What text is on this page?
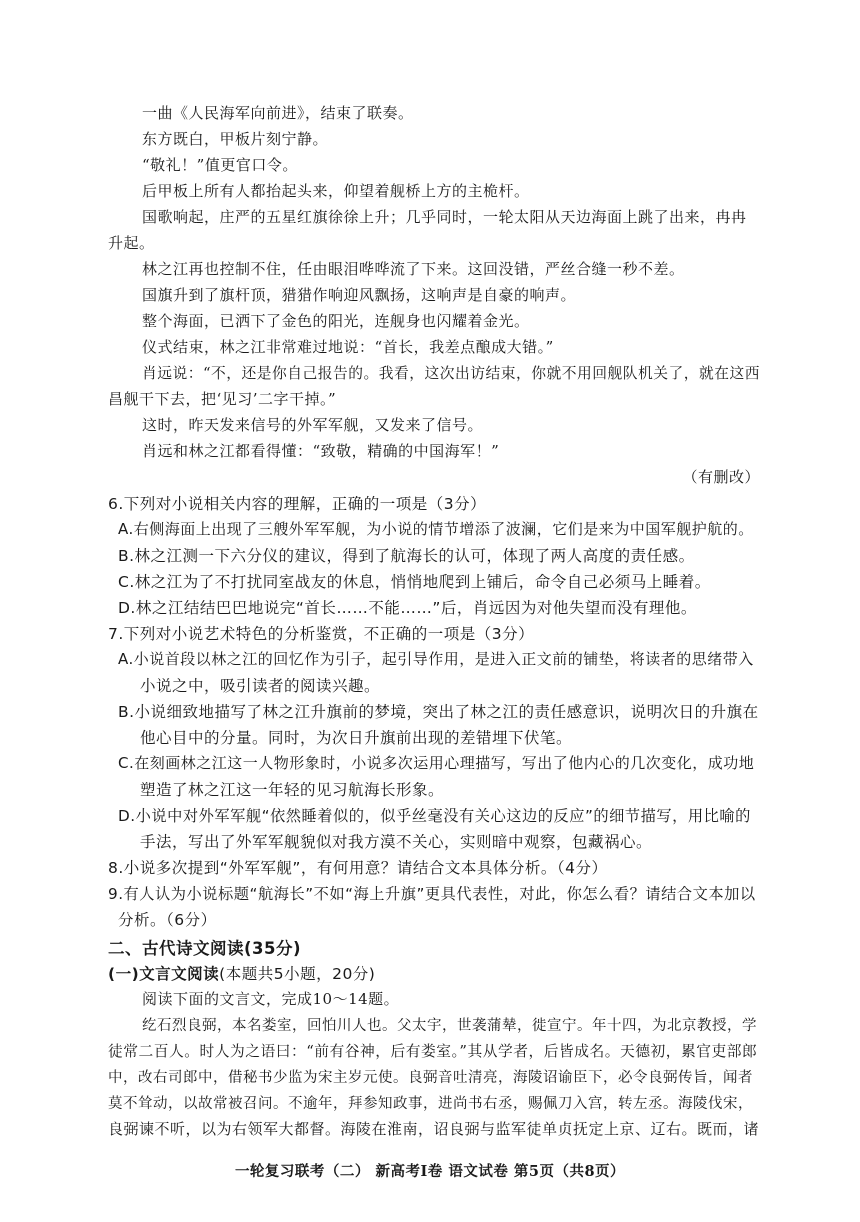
一曲《人民海军向前进》，结束了联奏。
东方既白，甲板片刻宁静。
“敬礼！”值更官口令。
后甲板上所有人都抬起头来，仰望着舰桥上方的主桅杆。
国歌响起，庄严的五星红旗徐徐上升；几乎同时，一轮太阳从天边海面上跳了出来，冉冉
升起。
林之江再也控制不住，任由眼泪哗哗流了下来。这回没错，严丝合缝一秒不差。
国旗升到了旗杆顶，猎猎作响迎风飘扬，这响声是自豪的响声。
整个海面，已洒下了金色的阳光，连舰身也闪耀着金光。
仪式结束，林之江非常难过地说：“首长，我差点酿成大错。”
肖远说：“不，还是你自己报告的。我看，这次出访结束，你就不用回舰队机关了，就在这西
昌舰干下去，把‘见习’二字干掉。”
这时，昨天发来信号的外军军舰，又发来了信号。
肖远和林之江都看得懂：“致敬，精确的中国海军！”
（有删改）
6.下列对小说相关内容的理解，正确的一项是（3分）
A.右侧海面上出现了三艘外军军舰，为小说的情节增添了波澜，它们是来为中国军舰护航的。
B.林之江测一下六分仪的建议，得到了航海长的认可，体现了两人高度的责任感。
C.林之江为了不打扰同室战友的休息，悄悄地爬到上铺后，命令自己必须马上睡着。
D.林之江结结巴巴地说完“首长……不能……”后，肖远因为对他失望而没有理他。
7.下列对小说艺术特色的分析鉴赏，不正确的一项是（3分）
A.小说首段以林之江的回忆作为引子，起引导作用，是进入正文前的铺垫，将读者的思绪带入
小说之中，吸引读者的阅读兴趣。
B.小说细致地描写了林之江升旗前的梦境，突出了林之江的责任感意识，说明次日的升旗在
他心目中的分量。同时，为次日升旗前出现的差错埋下伏笔。
C.在刻画林之江这一人物形象时，小说多次运用心理描写，写出了他内心的几次变化，成功地
塑造了林之江这一年轻的见习航海长形象。
D.小说中对外军军舰“依然睡着似的，似乎丝毫没有关心这边的反应”的细节描写，用比喻的
手法，写出了外军军舰貌似对我方漠不关心，实则暗中观察，包藏祸心。
8.小说多次提到“外军军舰”，有何用意？请结合文本具体分析。（4分）
9.有人认为小说标题“航海长”不如“海上升旗”更具代表性，对此，你怎么看？请结合文本加以
分析。（6分）
二、古代诗文阅读(35分)
(一)文言文阅读(本题共5小题，20分)
阅读下面的文言文，完成10～14题。
纥石烈良弼，本名娄室，回怕川人也。父太宇，世袭蒲辇，徙宣宁。年十四，为北京教授，学
徒常二百人。时人为之语曰：“前有谷神，后有娄室。”其从学者，后皆成名。天德初，累官吏部郎
中，改右司郎中，借秘书少监为宋主岁元使。良弼音吐清亮，海陵诏谕臣下，必令良弼传旨，闻者
莫不耸动，以故常被召问。不逾年，拜参知政事，进尚书右丞，赐佩刀入宫，转左丞。海陵伐宋，
良弼谏不听，以为右领军大都督。海陵在淮南，诏良弼与监军徒单贞抚定上京、辽右。既而，诸
一轮复习联考（二） 新高考Ⅰ卷 语文试卷 第5页（共8页）
